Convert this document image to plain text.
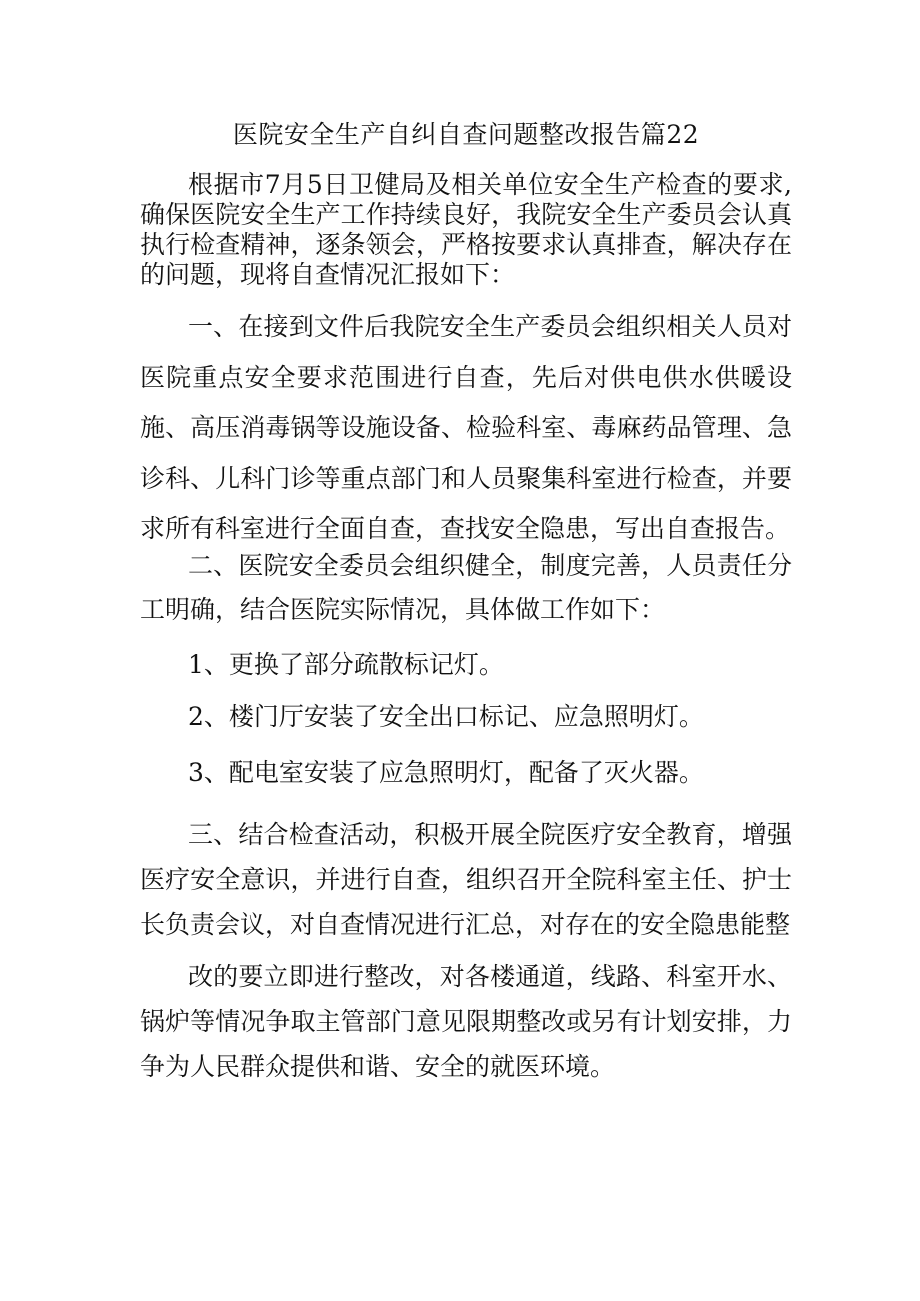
医院安全生产自纠自查问题整改报告篇22

根据市7月5日卫健局及相关单位安全生产检查的要求,确保医院安全生产工作持续良好，我院安全生产委员会认真执行检查精神，逐条领会，严格按要求认真排查，解决存在的问题，现将自查情况汇报如下：

一、在接到文件后我院安全生产委员会组织相关人员对医院重点安全要求范围进行自查，先后对供电供水供暖设施、高压消毒锅等设施设备、检验科室、毒麻药品管理、急诊科、儿科门诊等重点部门和人员聚集科室进行检查，并要求所有科室进行全面自查，查找安全隐患，写出自查报告。

二、医院安全委员会组织健全，制度完善，人员责任分工明确，结合医院实际情况，具体做工作如下：

1、更换了部分疏散标记灯。

2、楼门厅安装了安全出口标记、应急照明灯。

3、配电室安装了应急照明灯，配备了灭火器。

三、结合检查活动，积极开展全院医疗安全教育，增强医疗安全意识，并进行自查，组织召开全院科室主任、护士长负责会议，对自查情况进行汇总，对存在的安全隐患能整

改的要立即进行整改，对各楼通道，线路、科室开水、锅炉等情况争取主管部门意见限期整改或另有计划安排，力争为人民群众提供和谐、安全的就医环境。
